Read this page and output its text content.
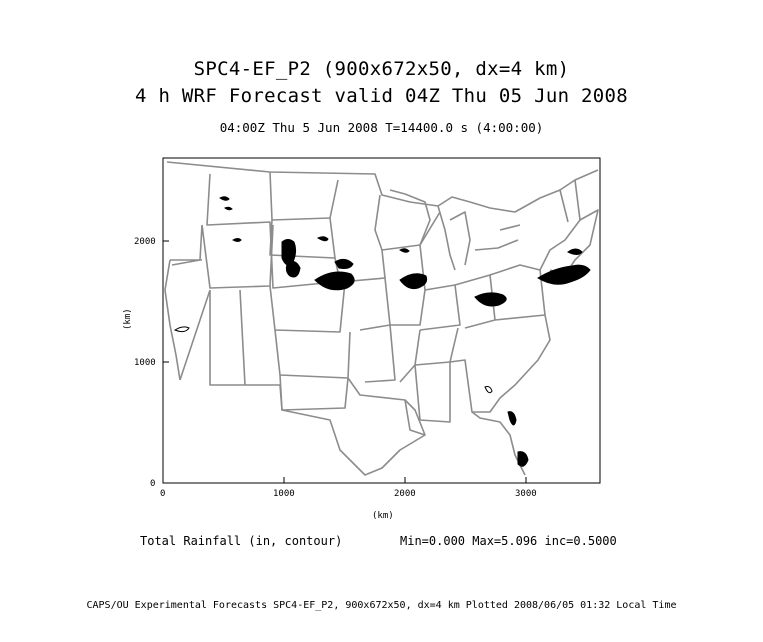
SPC4-EF_P2 (900x672x50, dx=4 km)
4 h WRF Forecast valid 04Z Thu 05 Jun 2008
04:00Z Thu 5 Jun 2008 T=14400.0 s (4:00:00)
0	1000	2000	3000
0
1000
2000
(km)
(km)
Total Rainfall (in, contour)	Min=0.000 Max=5.096 inc=0.5000
CAPS/OU Experimental Forecasts SPC4-EF_P2, 900x672x50, dx=4 km Plotted 2008/06/05 01:32 Local Time
